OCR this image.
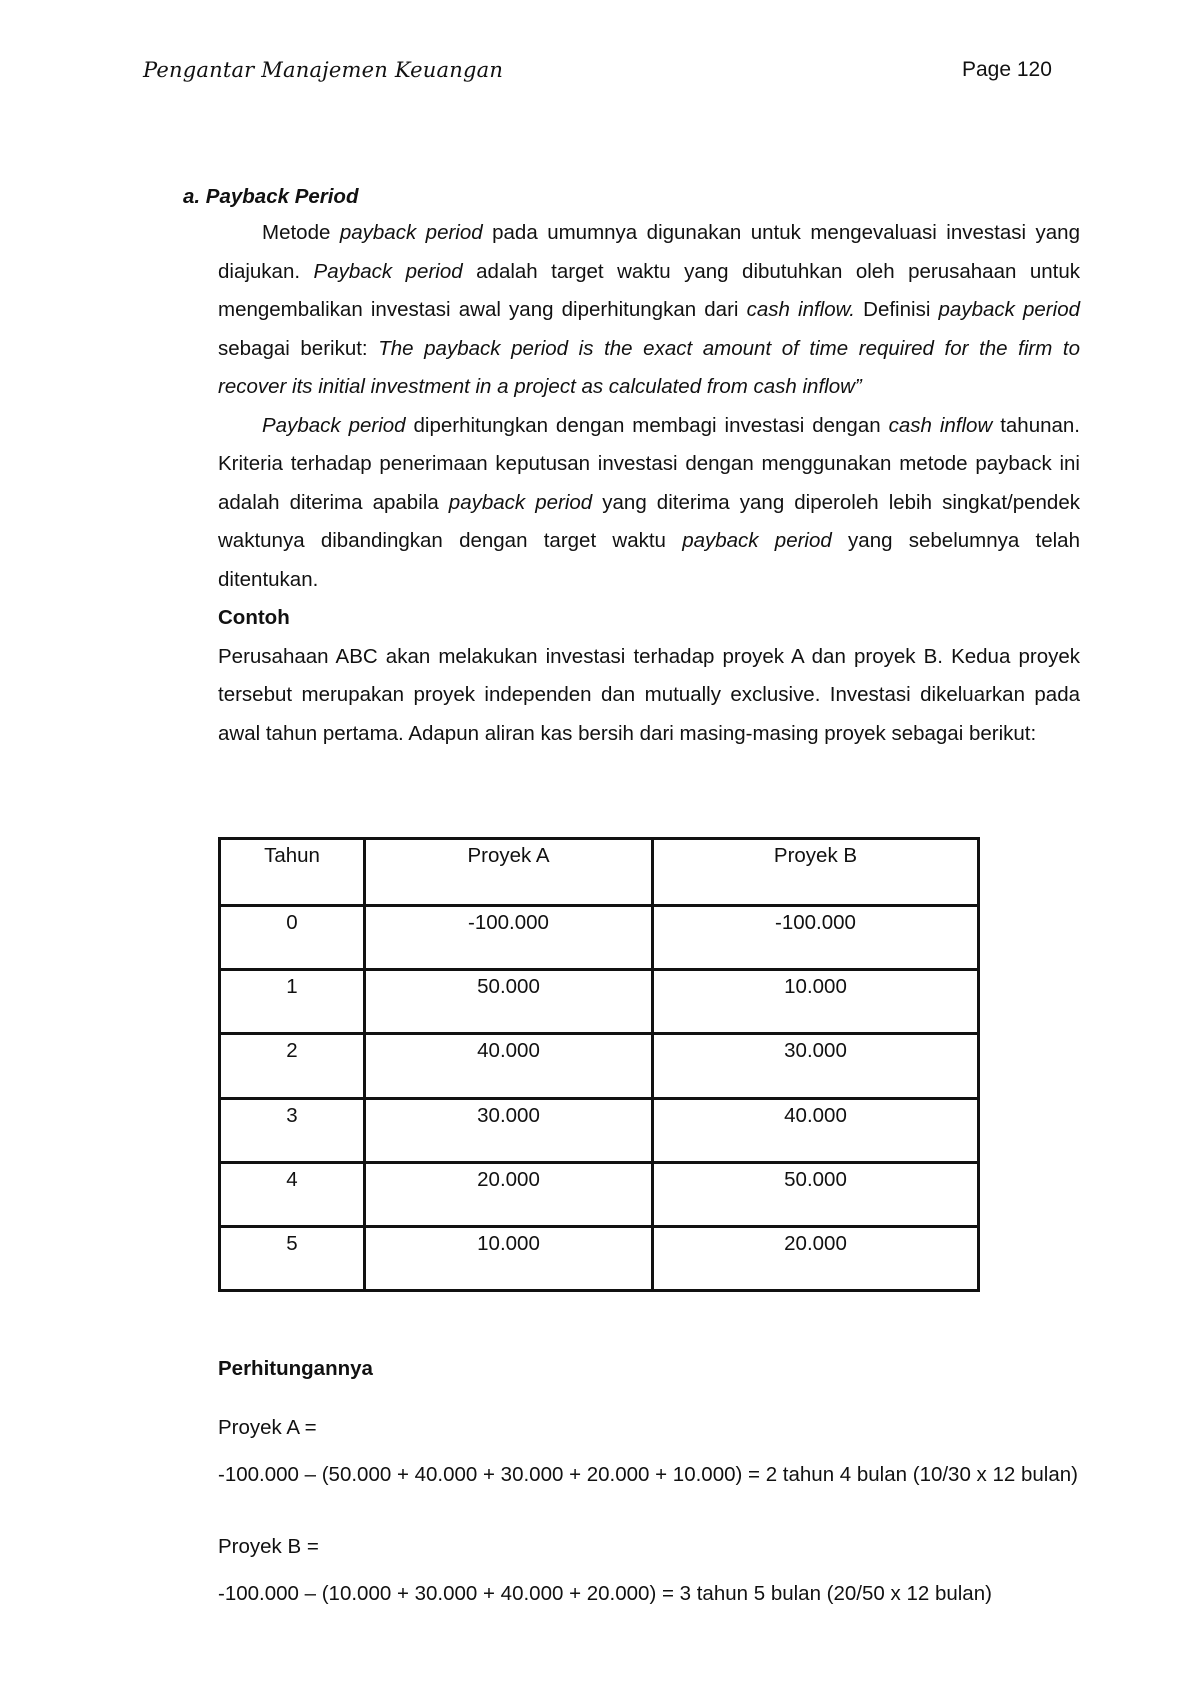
Pengantar Manajemen Keuangan	Page 120
a. Payback Period

Metode payback period pada umumnya digunakan untuk mengevaluasi investasi yang diajukan. Payback period adalah target waktu yang dibutuhkan oleh perusahaan untuk mengembalikan investasi awal yang diperhitungkan dari cash inflow. Definisi payback period sebagai berikut: The payback period is the exact amount of time required for the firm to recover its initial investment in a project as calculated from cash inflow”

Payback period diperhitungkan dengan membagi investasi dengan cash inflow tahunan. Kriteria terhadap penerimaan keputusan investasi dengan menggunakan metode payback ini adalah diterima apabila payback period yang diterima yang diperoleh lebih singkat/pendek waktunya dibandingkan dengan target waktu payback period yang sebelumnya telah ditentukan.

Contoh

Perusahaan ABC akan melakukan investasi terhadap proyek A dan proyek B. Kedua proyek tersebut merupakan proyek independen dan mutually exclusive. Investasi dikeluarkan pada awal tahun pertama. Adapun aliran kas bersih dari masing-masing proyek sebagai berikut:

Tahun	Proyek A	Proyek B
0	-100.000	-100.000
1	50.000	10.000
2	40.000	30.000
3	30.000	40.000
4	20.000	50.000
5	10.000	20.000
Perhitungannya
Proyek A =
-100.000 – (50.000 + 40.000 + 30.000 + 20.000 + 10.000) = 2 tahun 4 bulan (10/30 x 12 bulan)
Proyek B =
-100.000 – (10.000 + 30.000 + 40.000 + 20.000) = 3 tahun 5 bulan (20/50 x 12 bulan)
